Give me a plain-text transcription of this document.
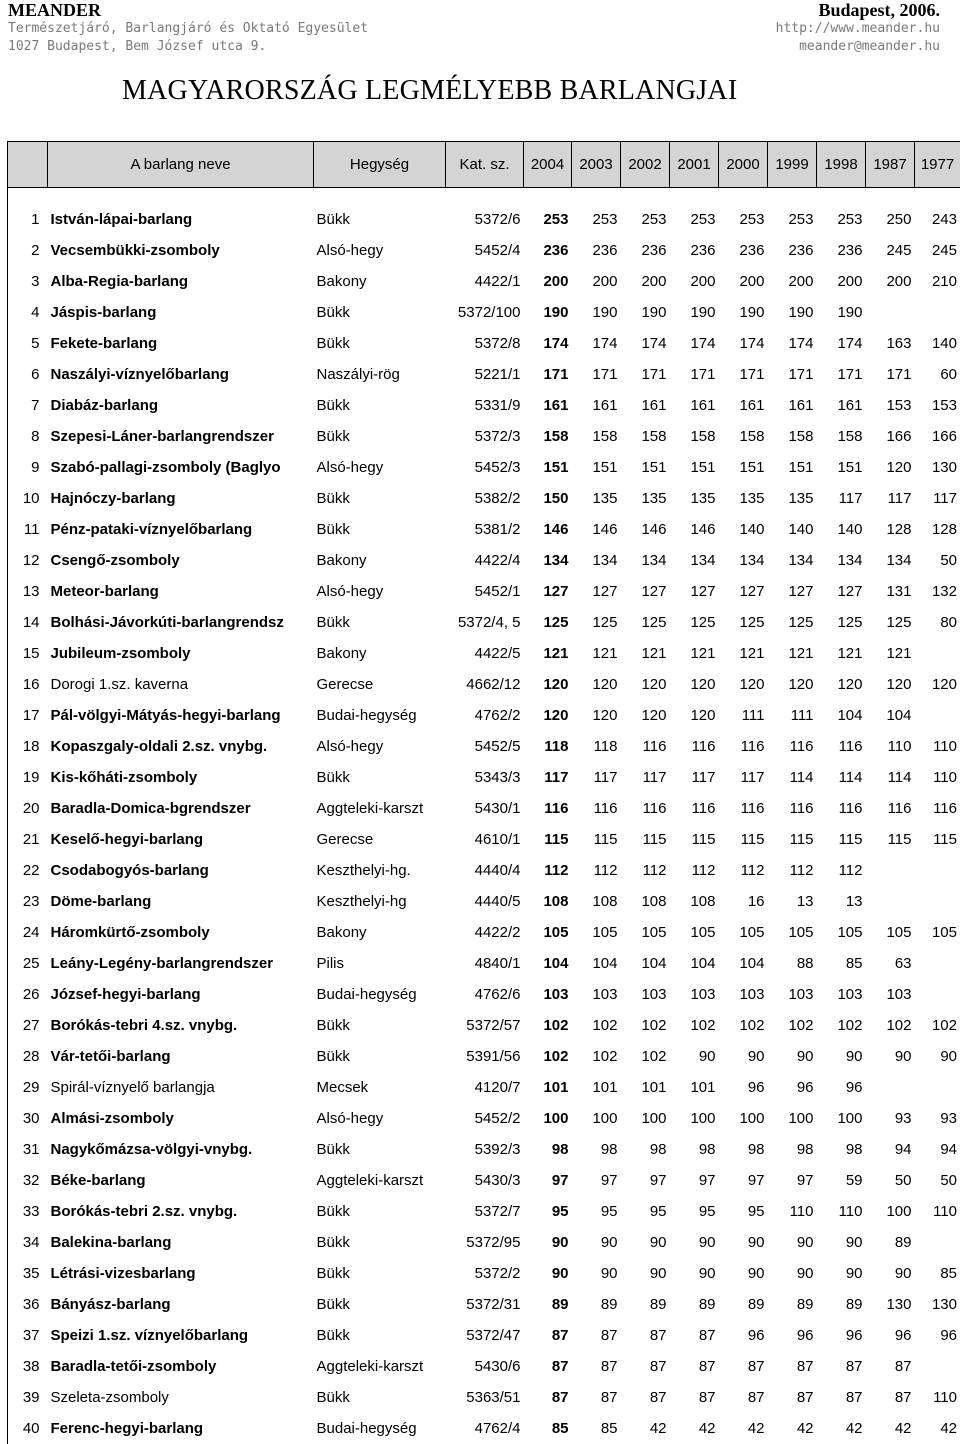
MEANDER
Természetjáró, Barlangjáró és Oktató Egyesület
1027 Budapest, Bem József utca 9.
Budapest, 2006.
http://www.meander.hu
meander@meander.hu
MAGYARORSZÁG LEGMÉLYEBB BARLANGJAI
	A barlang neve	Hegység	Kat. sz.	2004	2003	2002	2001	2000	1999	1998	1987	1977

1	István-lápai-barlang	Bükk	5372/6	253	253	253	253	253	253	253	250	243
2	Vecsembükki-zsomboly	Alsó-hegy	5452/4	236	236	236	236	236	236	236	245	245
3	Alba-Regia-barlang	Bakony	4422/1	200	200	200	200	200	200	200	200	210
4	Jáspis-barlang	Bükk	5372/100	190	190	190	190	190	190	190		
5	Fekete-barlang	Bükk	5372/8	174	174	174	174	174	174	174	163	140
6	Naszályi-víznyelőbarlang	Naszályi-rög	5221/1	171	171	171	171	171	171	171	171	60
7	Diabáz-barlang	Bükk	5331/9	161	161	161	161	161	161	161	153	153
8	Szepesi-Láner-barlangrendszer	Bükk	5372/3	158	158	158	158	158	158	158	166	166
9	Szabó-pallagi-zsomboly (Baglyo	Alsó-hegy	5452/3	151	151	151	151	151	151	151	120	130
10	Hajnóczy-barlang	Bükk	5382/2	150	135	135	135	135	135	117	117	117
11	Pénz-pataki-víznyelőbarlang	Bükk	5381/2	146	146	146	146	140	140	140	128	128
12	Csengő-zsomboly	Bakony	4422/4	134	134	134	134	134	134	134	134	50
13	Meteor-barlang	Alsó-hegy	5452/1	127	127	127	127	127	127	127	131	132
14	Bolhási-Jávorkúti-barlangrendsz	Bükk	5372/4, 5	125	125	125	125	125	125	125	125	80
15	Jubileum-zsomboly	Bakony	4422/5	121	121	121	121	121	121	121	121	
16	Dorogi 1.sz. kaverna	Gerecse	4662/12	120	120	120	120	120	120	120	120	120
17	Pál-völgyi-Mátyás-hegyi-barlang	Budai-hegység	4762/2	120	120	120	120	111	111	104	104	
18	Kopaszgaly-oldali 2.sz. vnybg.	Alsó-hegy	5452/5	118	118	116	116	116	116	116	110	110
19	Kis-kőháti-zsomboly	Bükk	5343/3	117	117	117	117	117	114	114	114	110
20	Baradla-Domica-bgrendszer	Aggteleki-karszt	5430/1	116	116	116	116	116	116	116	116	116
21	Keselő-hegyi-barlang	Gerecse	4610/1	115	115	115	115	115	115	115	115	115
22	Csodabogyós-barlang	Keszthelyi-hg.	4440/4	112	112	112	112	112	112	112		
23	Döme-barlang	Keszthelyi-hg	4440/5	108	108	108	108	16	13	13		
24	Háromkürtő-zsomboly	Bakony	4422/2	105	105	105	105	105	105	105	105	105
25	Leány-Legény-barlangrendszer	Pilis	4840/1	104	104	104	104	104	88	85	63	
26	József-hegyi-barlang	Budai-hegység	4762/6	103	103	103	103	103	103	103	103	
27	Borókás-tebri 4.sz. vnybg.	Bükk	5372/57	102	102	102	102	102	102	102	102	102
28	Vár-tetői-barlang	Bükk	5391/56	102	102	102	90	90	90	90	90	90
29	Spirál-víznyelő barlangja	Mecsek	4120/7	101	101	101	101	96	96	96		
30	Almási-zsomboly	Alsó-hegy	5452/2	100	100	100	100	100	100	100	93	93
31	Nagykőmázsa-völgyi-vnybg.	Bükk	5392/3	98	98	98	98	98	98	98	94	94
32	Béke-barlang	Aggteleki-karszt	5430/3	97	97	97	97	97	97	59	50	50
33	Borókás-tebri 2.sz. vnybg.	Bükk	5372/7	95	95	95	95	95	110	110	100	110
34	Balekina-barlang	Bükk	5372/95	90	90	90	90	90	90	90	89	
35	Létrási-vizesbarlang	Bükk	5372/2	90	90	90	90	90	90	90	90	85
36	Bányász-barlang	Bükk	5372/31	89	89	89	89	89	89	89	130	130
37	Speizi 1.sz. víznyelőbarlang	Bükk	5372/47	87	87	87	87	96	96	96	96	96
38	Baradla-tetői-zsomboly	Aggteleki-karszt	5430/6	87	87	87	87	87	87	87	87	
39	Szeleta-zsomboly	Bükk	5363/51	87	87	87	87	87	87	87	87	110
40	Ferenc-hegyi-barlang	Budai-hegység	4762/4	85	85	42	42	42	42	42	42	42
